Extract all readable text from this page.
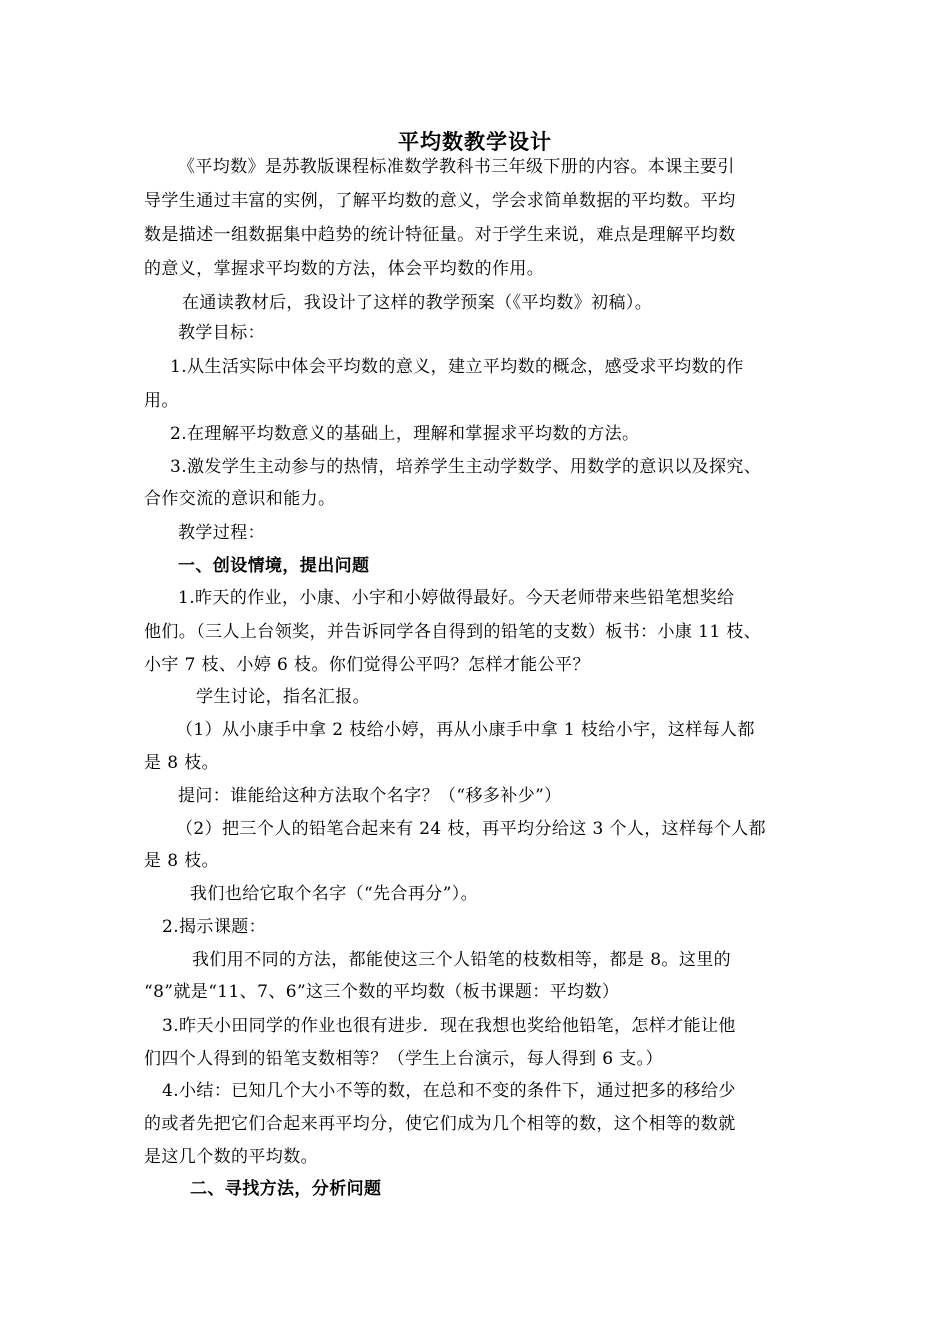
平均数教学设计
《平均数》是苏教版课程标准数学教科书三年级下册的内容。本课主要引
导学生通过丰富的实例，了解平均数的意义，学会求简单数据的平均数。平均
数是描述一组数据集中趋势的统计特征量。对于学生来说，难点是理解平均数
的意义，掌握求平均数的方法，体会平均数的作用。
在通读教材后，我设计了这样的教学预案（《平均数》初稿）。
教学目标：
1.从生活实际中体会平均数的意义，建立平均数的概念，感受求平均数的作
用。
2.在理解平均数意义的基础上，理解和掌握求平均数的方法。
3.激发学生主动参与的热情，培养学生主动学数学、用数学的意识以及探究、
合作交流的意识和能力。
教学过程：
一、创设情境，提出问题
1.昨天的作业，小康、小宇和小婷做得最好。今天老师带来些铅笔想奖给
他们。（三人上台领奖，并告诉同学各自得到的铅笔的支数）板书：小康 11 枝、
小宇 7 枝、小婷 6 枝。你们觉得公平吗？怎样才能公平？
学生讨论，指名汇报。
（1）从小康手中拿 2 枝给小婷，再从小康手中拿 1 枝给小宇，这样每人都
是 8 枝。
提问：谁能给这种方法取个名字？（“移多补少”）
（2）把三个人的铅笔合起来有 24 枝，再平均分给这 3 个人，这样每个人都
是 8 枝。
我们也给它取个名字（“先合再分”）。
2.揭示课题：
我们用不同的方法，都能使这三个人铅笔的枝数相等，都是 8。这里的
“8”就是“11、7、6”这三个数的平均数（板书课题：平均数）
3.昨天小田同学的作业也很有进步．现在我想也奖给他铅笔，怎样才能让他
们四个人得到的铅笔支数相等？（学生上台演示，每人得到 6 支。）
4.小结：已知几个大小不等的数，在总和不变的条件下，通过把多的移给少
的或者先把它们合起来再平均分，使它们成为几个相等的数，这个相等的数就
是这几个数的平均数。
二、寻找方法，分析问题
